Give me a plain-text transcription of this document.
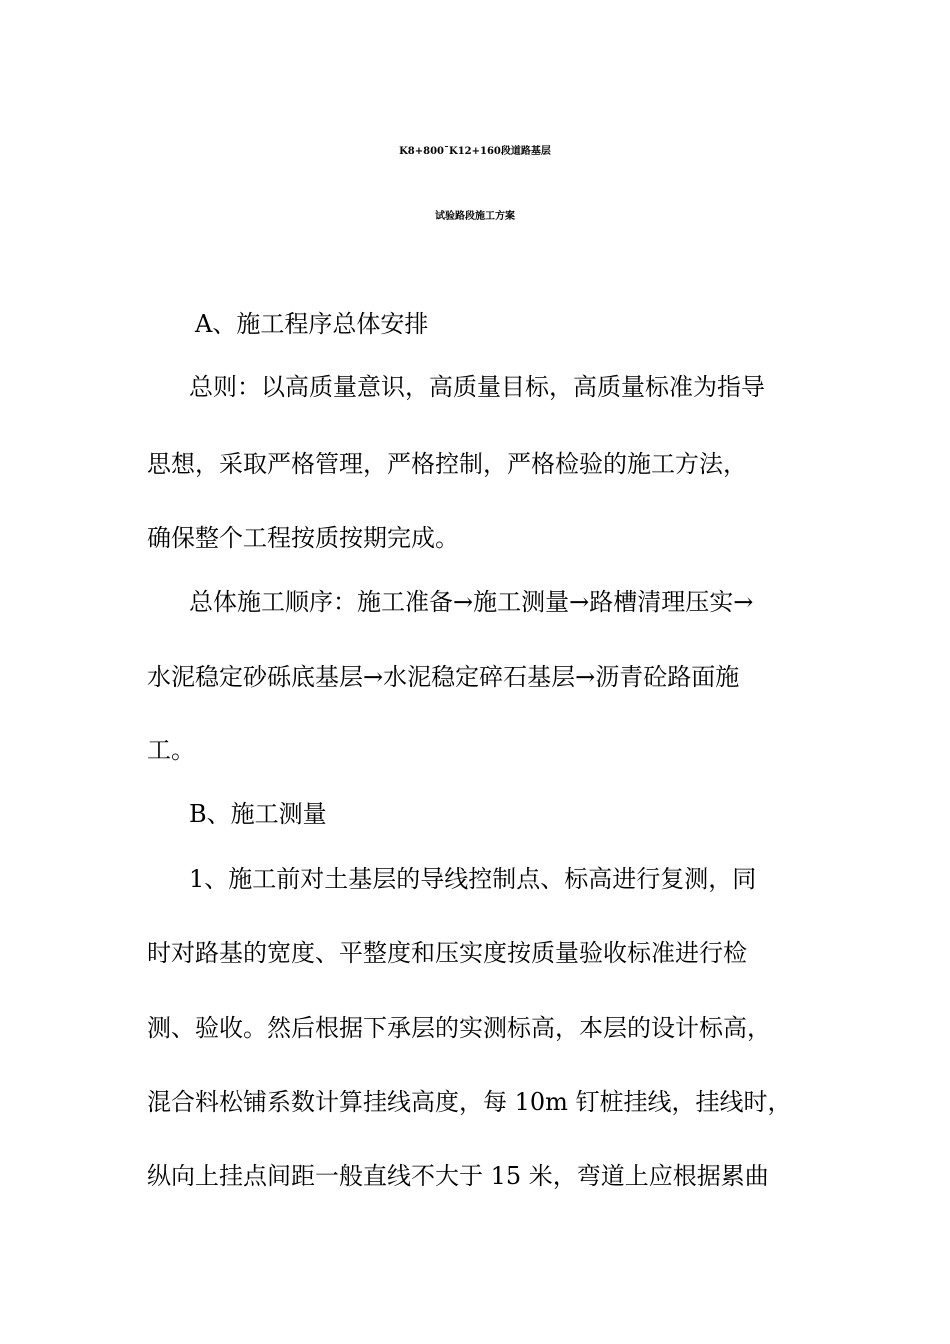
K8+800¯K12+160段道路基层
试验路段施工方案
A、施工程序总体安排
总则：以高质量意识，高质量目标，高质量标准为指导
思想，采取严格管理，严格控制，严格检验的施工方法，
确保整个工程按质按期完成。
总体施工顺序：施工准备→施工测量→路槽清理压实→
水泥稳定砂砾底基层→水泥稳定碎石基层→沥青砼路面施
工。
B、施工测量
1、施工前对土基层的导线控制点、标高进行复测，同
时对路基的宽度、平整度和压实度按质量验收标准进行检
测、验收。然后根据下承层的实测标高，本层的设计标高，
混合料松铺系数计算挂线高度，每 10m 钉桩挂线，挂线时，
纵向上挂点间距一般直线不大于 15 米，弯道上应根据累曲
